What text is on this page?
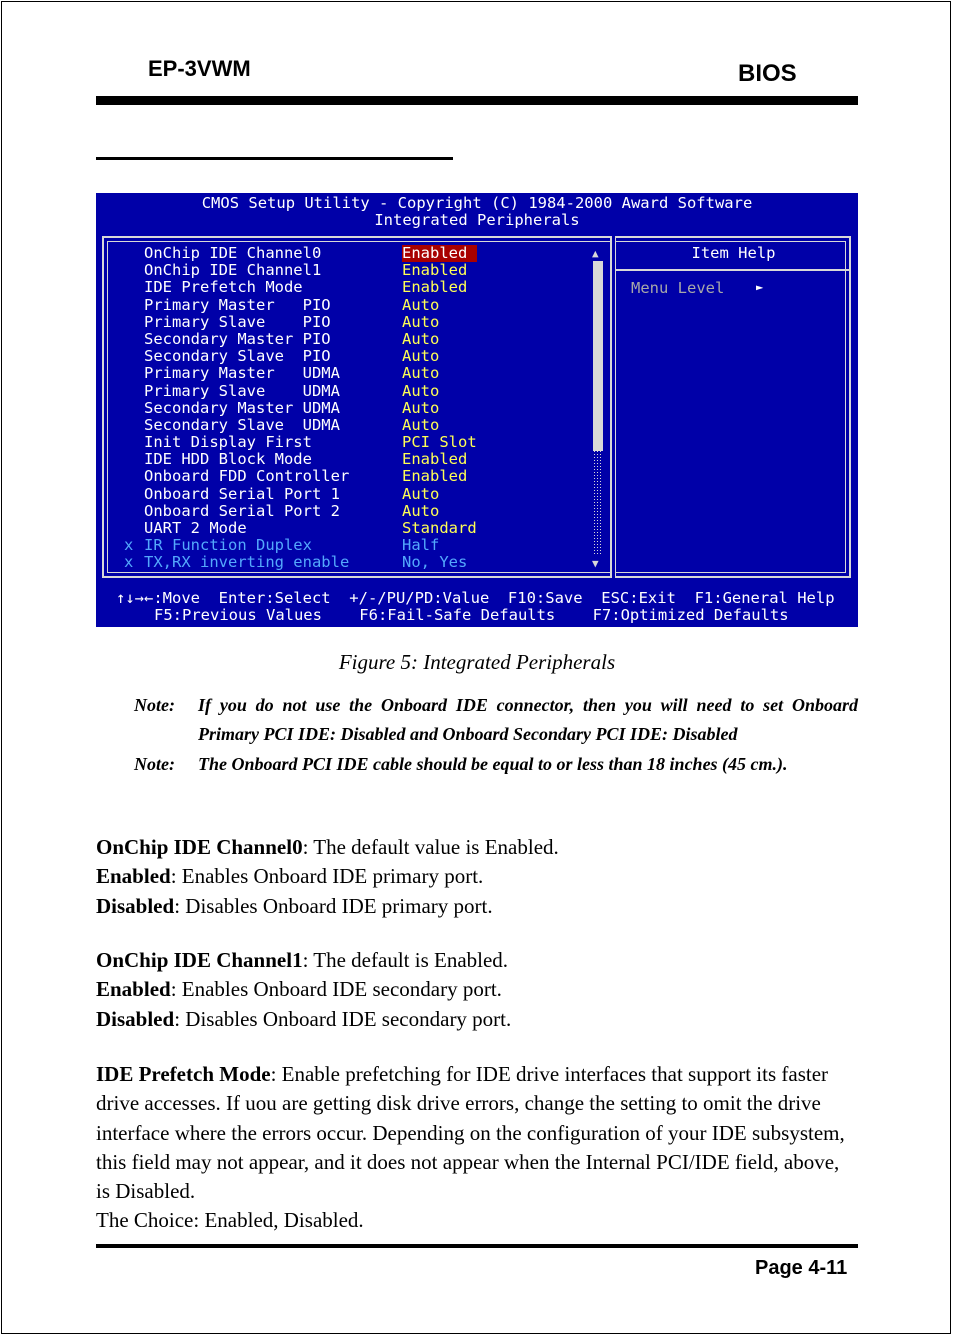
EP-3VWM	BIOS
CMOS Setup Utility - Copyright (C) 1984-2000 Award Software
Integrated Peripherals
Item Help
Menu Level	►
OnChip IDE Channel0	Enabled
OnChip IDE Channel1	Enabled
IDE Prefetch Mode	Enabled
Primary Master   PIO	Auto
Primary Slave    PIO	Auto
Secondary Master PIO	Auto
Secondary Slave  PIO	Auto
Primary Master   UDMA	Auto
Primary Slave    UDMA	Auto
Secondary Master UDMA	Auto
Secondary Slave  UDMA	Auto
Init Display First	PCI Slot
IDE HDD Block Mode	Enabled
Onboard FDD Controller	Enabled
Onboard Serial Port 1	Auto
Onboard Serial Port 2	Auto
UART 2 Mode	Standard
x IR Function Duplex	Half
x TX,RX inverting enable	No, Yes
▲
▼
↑↓→←:Move  Enter:Select  +/-/PU/PD:Value  F10:Save  ESC:Exit  F1:General Help
F5:Previous Values    F6:Fail-Safe Defaults    F7:Optimized Defaults
Figure 5: Integrated Peripherals
Note: If you do not use the Onboard IDE connector, then you will need to set Onboard Primary PCI IDE: Disabled and Onboard Secondary PCI IDE: Disabled
Note: The Onboard PCI IDE cable should be equal to or less than 18 inches (45 cm.).
OnChip IDE Channel0: The default value is Enabled.
Enabled: Enables Onboard IDE primary port.
Disabled: Disables Onboard IDE primary port.
OnChip IDE Channel1: The default is Enabled.
Enabled: Enables Onboard IDE secondary port.
Disabled: Disables Onboard IDE secondary port.
IDE Prefetch Mode: Enable prefetching for IDE drive interfaces that support its faster drive accesses. If uou are getting disk drive errors, change the setting to omit the drive interface where the errors occur. Depending on the configuration of your IDE subsystem, this field may not appear, and it does not appear when the Internal PCI/IDE field, above, is Disabled.
The Choice: Enabled, Disabled.
Page 4-11
